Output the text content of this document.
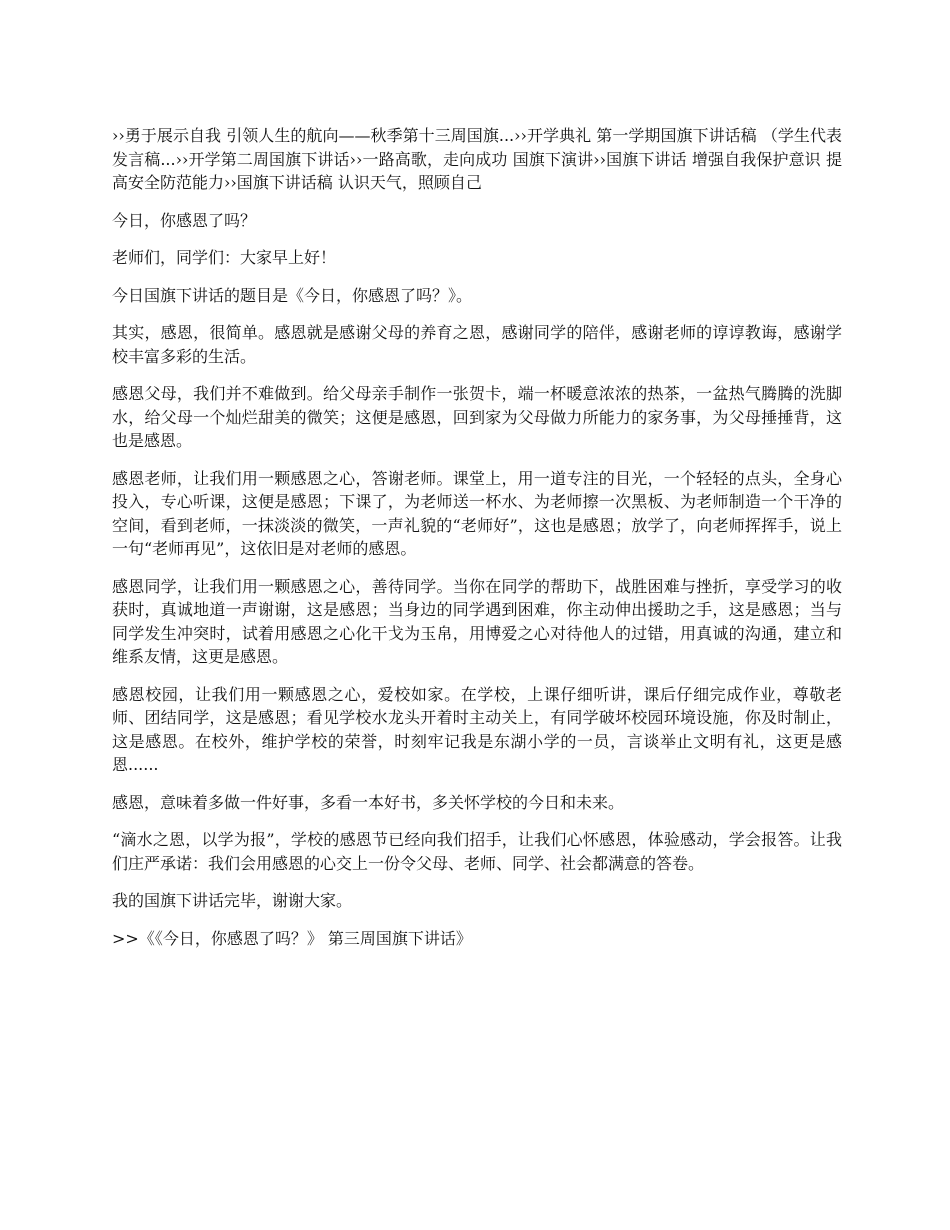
››勇于展示自我 引领人生的航向——秋季第十三周国旗...››开学典礼 第一学期国旗下讲话稿 （学生代表发言稿...››开学第二周国旗下讲话››一路高歌，走向成功 国旗下演讲››国旗下讲话 增强自我保护意识 提高安全防范能力››国旗下讲话稿 认识天气，照顾自己

今日，你感恩了吗？

老师们，同学们：大家早上好！

今日国旗下讲话的题目是《今日，你感恩了吗？》。

其实，感恩，很简单。感恩就是感谢父母的养育之恩，感谢同学的陪伴，感谢老师的谆谆教诲，感谢学校丰富多彩的生活。

感恩父母，我们并不难做到。给父母亲手制作一张贺卡，端一杯暖意浓浓的热茶，一盆热气腾腾的洗脚水，给父母一个灿烂甜美的微笑；这便是感恩，回到家为父母做力所能力的家务事，为父母捶捶背，这也是感恩。

感恩老师，让我们用一颗感恩之心，答谢老师。课堂上，用一道专注的目光，一个轻轻的点头，全身心投入，专心听课，这便是感恩；下课了，为老师送一杯水、为老师擦一次黑板、为老师制造一个干净的空间，看到老师，一抹淡淡的微笑，一声礼貌的“老师好”，这也是感恩；放学了，向老师挥挥手，说上一句“老师再见”，这依旧是对老师的感恩。

感恩同学，让我们用一颗感恩之心，善待同学。当你在同学的帮助下，战胜困难与挫折，享受学习的收获时，真诚地道一声谢谢，这是感恩；当身边的同学遇到困难，你主动伸出援助之手，这是感恩；当与同学发生冲突时，试着用感恩之心化干戈为玉帛，用博爱之心对待他人的过错，用真诚的沟通，建立和维系友情，这更是感恩。

感恩校园，让我们用一颗感恩之心，爱校如家。在学校，上课仔细听讲，课后仔细完成作业，尊敬老师、团结同学，这是感恩；看见学校水龙头开着时主动关上，有同学破坏校园环境设施，你及时制止，这是感恩。在校外，维护学校的荣誉，时刻牢记我是东湖小学的一员，言谈举止文明有礼，这更是感恩......

感恩，意味着多做一件好事，多看一本好书，多关怀学校的今日和未来。

“滴水之恩，以学为报”，学校的感恩节已经向我们招手，让我们心怀感恩，体验感动，学会报答。让我们庄严承诺：我们会用感恩的心交上一份令父母、老师、同学、社会都满意的答卷。

我的国旗下讲话完毕，谢谢大家。

>>《《今日，你感恩了吗？》 第三周国旗下讲话》
